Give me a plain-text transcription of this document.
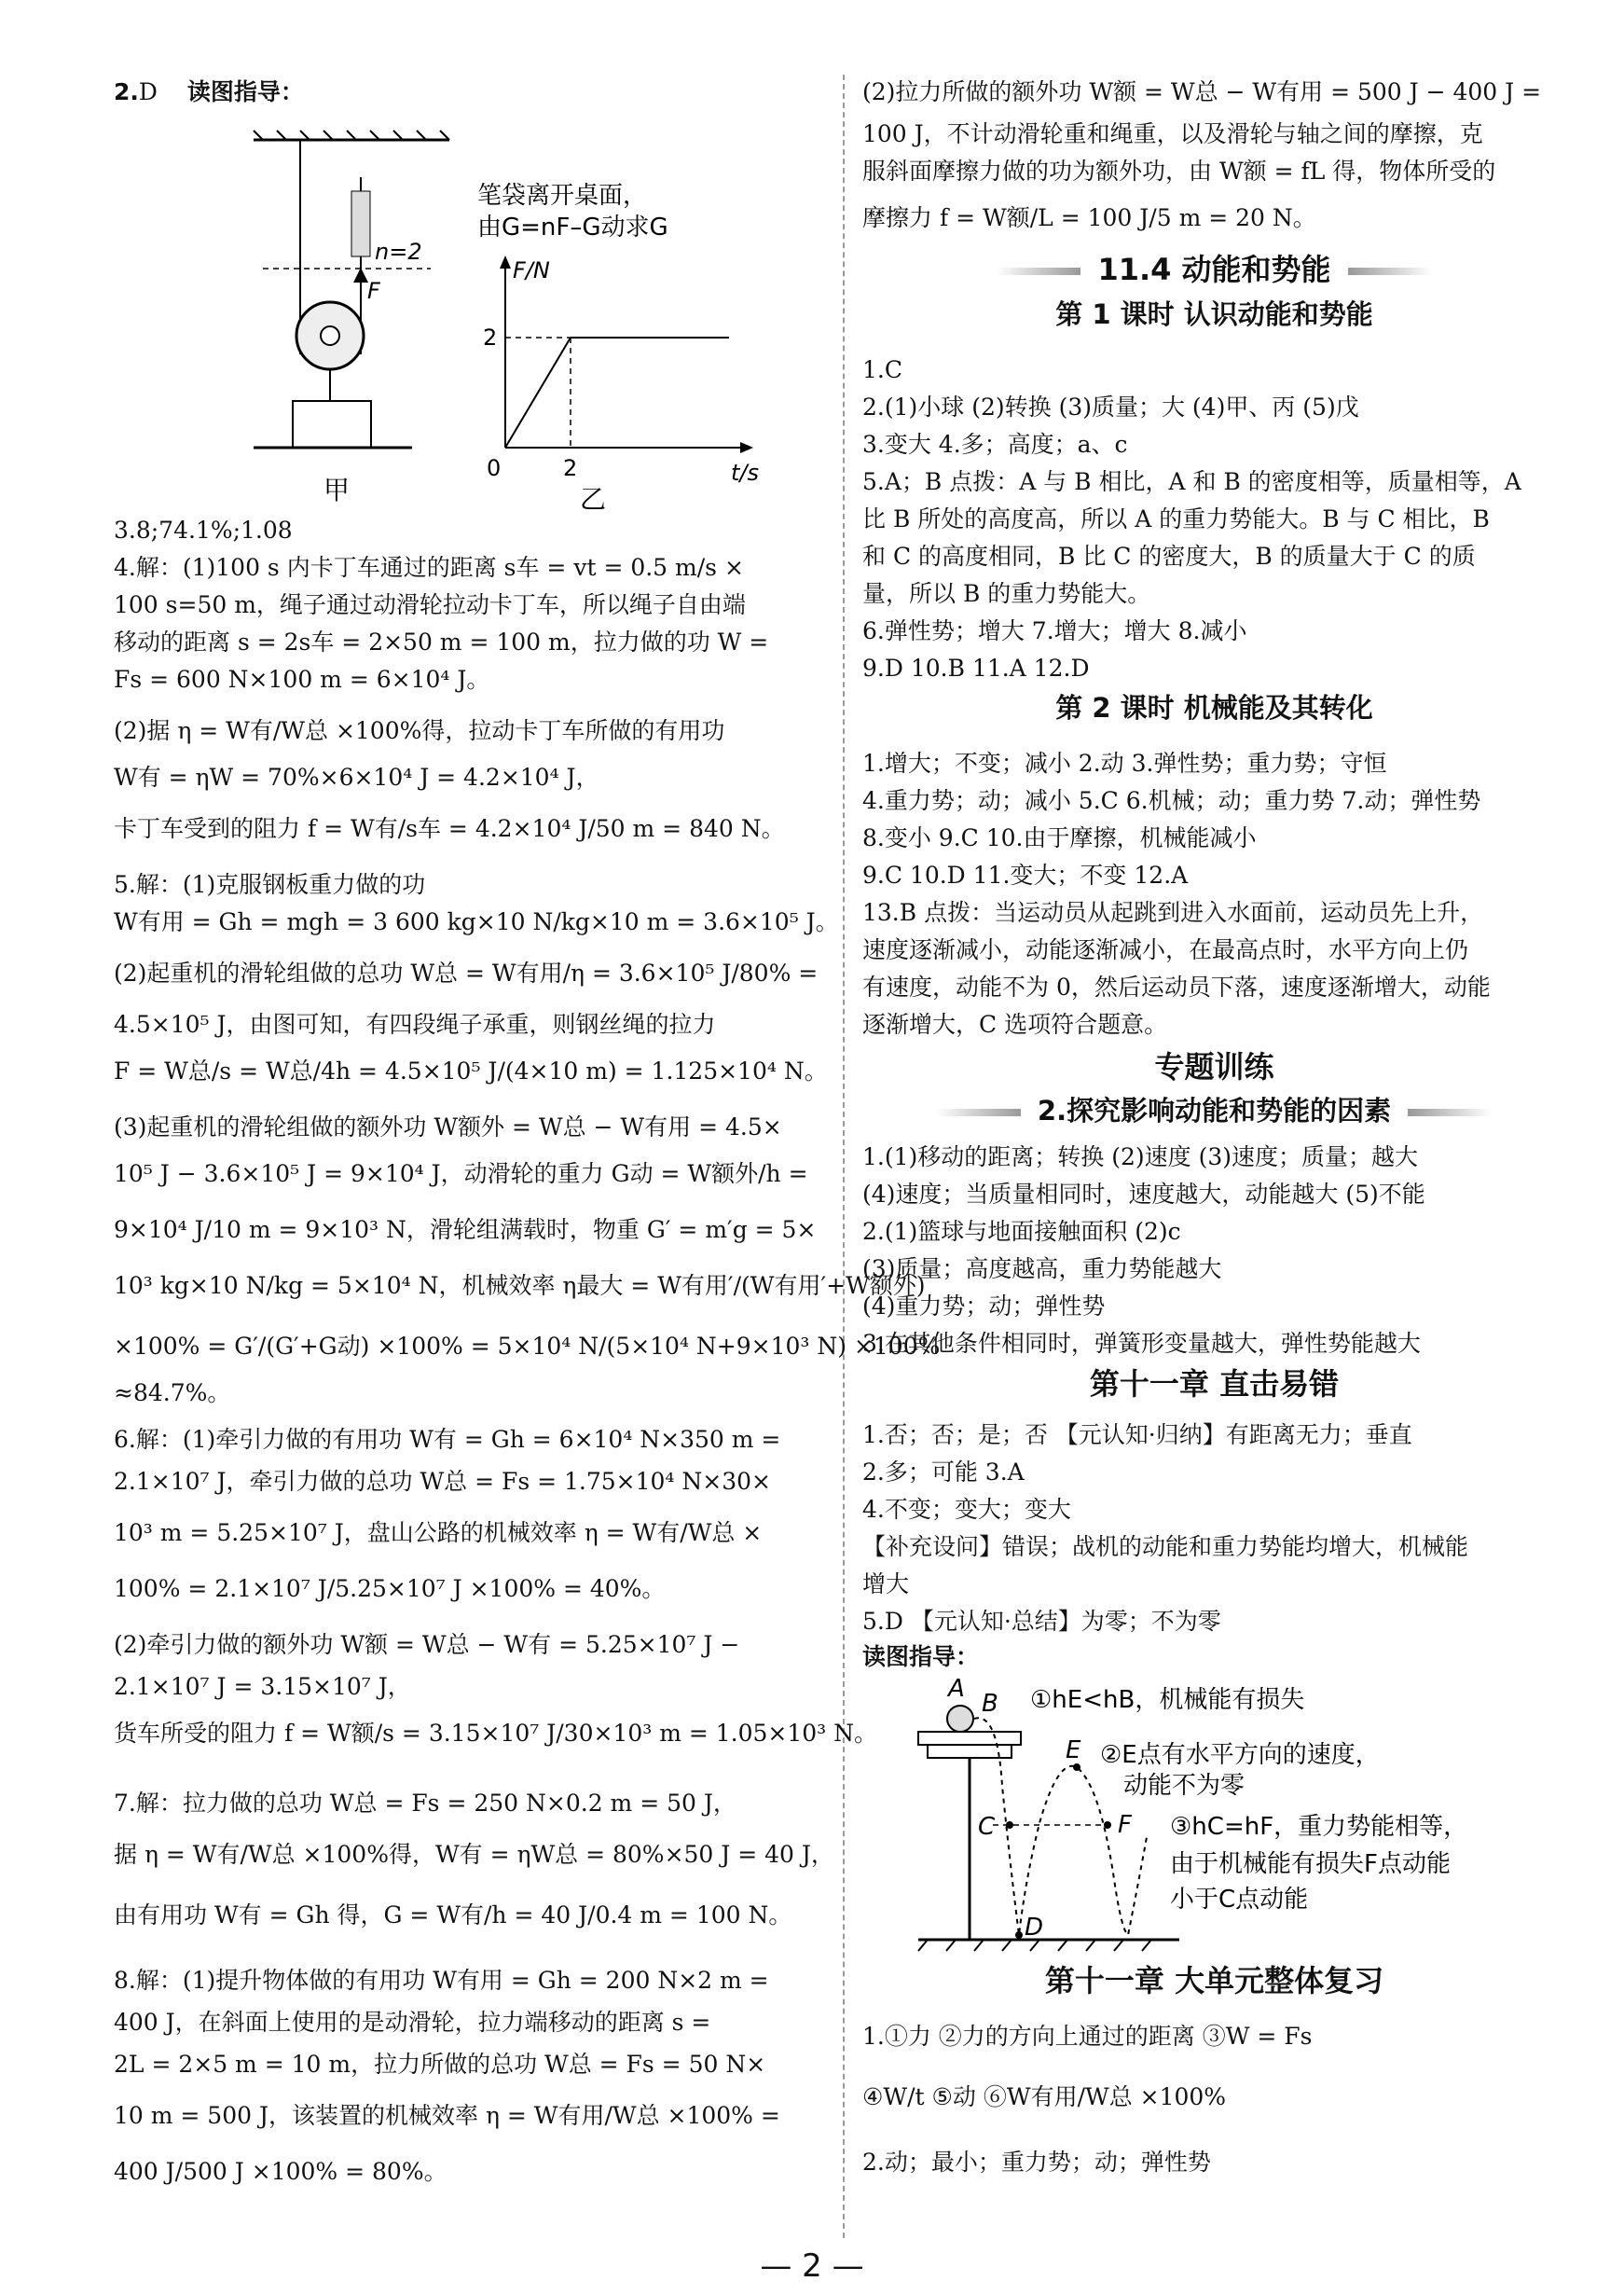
2.D 读图指导：
n=2
F
甲
笔袋离开桌面，
由G=nF–G动求G
F/N
t/s
2
2
0
乙
3.8;74.1%;1.08
4.解：(1)100 s 内卡丁车通过的距离 s车 = vt = 0.5 m/s ×
100 s=50 m，绳子通过动滑轮拉动卡丁车，所以绳子自由端
移动的距离 s = 2s车 = 2×50 m = 100 m，拉力做的功 W =
Fs = 600 N×100 m = 6×10⁴ J。
(2)据 η = W有/W总 ×100%得，拉动卡丁车所做的有用功
W有 = ηW = 70%×6×10⁴ J = 4.2×10⁴ J，
卡丁车受到的阻力 f = W有/s车 = 4.2×10⁴ J/50 m = 840 N。
5.解：(1)克服钢板重力做的功
W有用 = Gh = mgh = 3 600 kg×10 N/kg×10 m = 3.6×10⁵ J。
(2)起重机的滑轮组做的总功 W总 = W有用/η = 3.6×10⁵ J/80% =
4.5×10⁵ J，由图可知，有四段绳子承重，则钢丝绳的拉力
F = W总/s = W总/4h = 4.5×10⁵ J/(4×10 m) = 1.125×10⁴ N。
(3)起重机的滑轮组做的额外功 W额外 = W总 − W有用 = 4.5×
10⁵ J − 3.6×10⁵ J = 9×10⁴ J，动滑轮的重力 G动 = W额外/h =
9×10⁴ J/10 m = 9×10³ N，滑轮组满载时，物重 G′ = m′g = 5×
10³ kg×10 N/kg = 5×10⁴ N，机械效率 η最大 = W有用′/(W有用′+W额外)
×100% = G′/(G′+G动) ×100% = 5×10⁴ N/(5×10⁴ N+9×10³ N) ×100%
≈84.7%。
6.解：(1)牵引力做的有用功 W有 = Gh = 6×10⁴ N×350 m =
2.1×10⁷ J，牵引力做的总功 W总 = Fs = 1.75×10⁴ N×30×
10³ m = 5.25×10⁷ J，盘山公路的机械效率 η = W有/W总 ×
100% = 2.1×10⁷ J/5.25×10⁷ J ×100% = 40%。
(2)牵引力做的额外功 W额 = W总 − W有 = 5.25×10⁷ J −
2.1×10⁷ J = 3.15×10⁷ J，
货车所受的阻力 f = W额/s = 3.15×10⁷ J/30×10³ m = 1.05×10³ N。
7.解：拉力做的总功 W总 = Fs = 250 N×0.2 m = 50 J，
据 η = W有/W总 ×100%得，W有 = ηW总 = 80%×50 J = 40 J，
由有用功 W有 = Gh 得，G = W有/h = 40 J/0.4 m = 100 N。
8.解：(1)提升物体做的有用功 W有用 = Gh = 200 N×2 m =
400 J，在斜面上使用的是动滑轮，拉力端移动的距离 s =
2L = 2×5 m = 10 m，拉力所做的总功 W总 = Fs = 50 N×
10 m = 500 J，该装置的机械效率 η = W有用/W总 ×100% =
400 J/500 J ×100% = 80%。
(2)拉力所做的额外功 W额 = W总 − W有用 = 500 J − 400 J =
100 J，不计动滑轮重和绳重，以及滑轮与轴之间的摩擦，克
服斜面摩擦力做的功为额外功，由 W额 = fL 得，物体所受的
摩擦力 f = W额/L = 100 J/5 m = 20 N。
11.4 动能和势能
第 1 课时 认识动能和势能
1.C
2.(1)小球 (2)转换 (3)质量；大 (4)甲、丙 (5)戊
3.变大 4.多；高度；a、c
5.A；B 点拨：A 与 B 相比，A 和 B 的密度相等，质量相等，A
比 B 所处的高度高，所以 A 的重力势能大。B 与 C 相比，B
和 C 的高度相同，B 比 C 的密度大，B 的质量大于 C 的质
量，所以 B 的重力势能大。
6.弹性势；增大 7.增大；增大 8.减小
9.D 10.B 11.A 12.D
第 2 课时 机械能及其转化
1.增大；不变；减小 2.动 3.弹性势；重力势；守恒
4.重力势；动；减小 5.C 6.机械；动；重力势 7.动；弹性势
8.变小 9.C 10.由于摩擦，机械能减小
9.C 10.D 11.变大；不变 12.A
13.B 点拨：当运动员从起跳到进入水面前，运动员先上升，
速度逐渐减小，动能逐渐减小，在最高点时，水平方向上仍
有速度，动能不为 0，然后运动员下落，速度逐渐增大，动能
逐渐增大，C 选项符合题意。
专题训练
2.探究影响动能和势能的因素
1.(1)移动的距离；转换 (2)速度 (3)速度；质量；越大
(4)速度；当质量相同时，速度越大，动能越大 (5)不能
2.(1)篮球与地面接触面积 (2)c
(3)质量；高度越高，重力势能越大
(4)重力势；动；弹性势
3.在其他条件相同时，弹簧形变量越大，弹性势能越大
第十一章 直击易错
1.否；否；是；否 【元认知·归纳】有距离无力；垂直
2.多；可能 3.A
4.不变；变大；变大
【补充设问】错误；战机的动能和重力势能均增大，机械能
增大
5.D 【元认知·总结】为零；不为零
读图指导：
A
B
C
D
E
F
①hE<hB，机械能有损失
②E点有水平方向的速度，
动能不为零
③hC=hF，重力势能相等，
由于机械能有损失F点动能
小于C点动能
第十一章 大单元整体复习
1.①力 ②力的方向上通过的距离 ③W = Fs
④W/t ⑤动 ⑥W有用/W总 ×100%
2.动；最小；重力势；动；弹性势
— 2 —
